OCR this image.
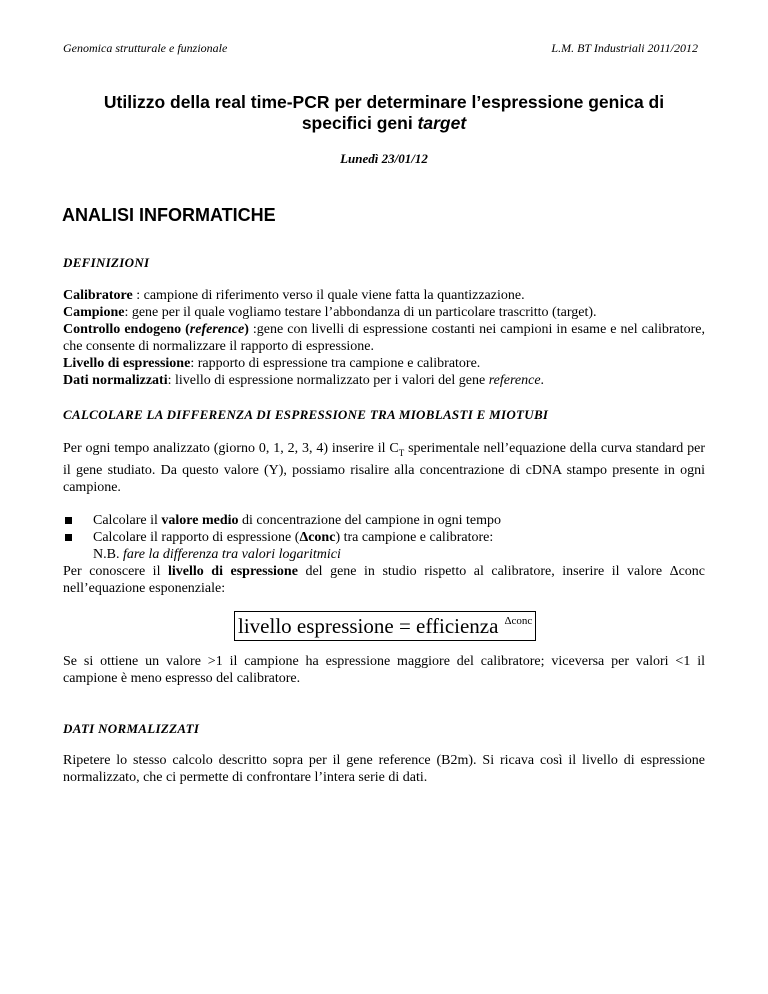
Genomica strutturale e funzionale	L.M. BT Industriali 2011/2012
Utilizzo della real time-PCR per determinare l’espressione genica di
specifici geni target
Lunedì 23/01/12
ANALISI INFORMATICHE
DEFINIZIONI
Calibratore : campione di riferimento verso il quale viene fatta la quantizzazione.
Campione: gene per il quale vogliamo testare l’abbondanza di un particolare trascritto (target).
Controllo endogeno (reference) :gene con livelli di espressione costanti nei campioni in esame e nel calibratore, che consente di normalizzare il rapporto di espressione.
Livello di espressione: rapporto di espressione tra campione e calibratore.
Dati normalizzati: livello di espressione normalizzato per i valori del gene reference.
CALCOLARE LA DIFFERENZA DI ESPRESSIONE TRA MIOBLASTI E MIOTUBI
Per ogni tempo analizzato (giorno 0, 1, 2, 3, 4) inserire il $C_T$ sperimentale nell’equazione della curva standard per il gene studiato. Da questo valore (Y), possiamo risalire alla concentrazione di cDNA stampo presente in ogni campione.
Calcolare il valore medio di concentrazione del campione in ogni tempo
Calcolare il rapporto di espressione (Δconc) tra campione e calibratore:
N.B. fare la differenza tra valori logaritmici
Per conoscere il livello di espressione del gene in studio rispetto al calibratore, inserire il valore Δconc nell’equazione esponenziale:
livello espressione = efficienza $^{\Delta conc}$
Se si ottiene un valore >1 il campione ha espressione maggiore del calibratore; viceversa per valori <1 il campione è meno espresso del calibratore.
DATI NORMALIZZATI
Ripetere lo stesso calcolo descritto sopra per il gene reference (B2m). Si ricava così il livello di espressione normalizzato, che ci permette di confrontare l’intera serie di dati.
